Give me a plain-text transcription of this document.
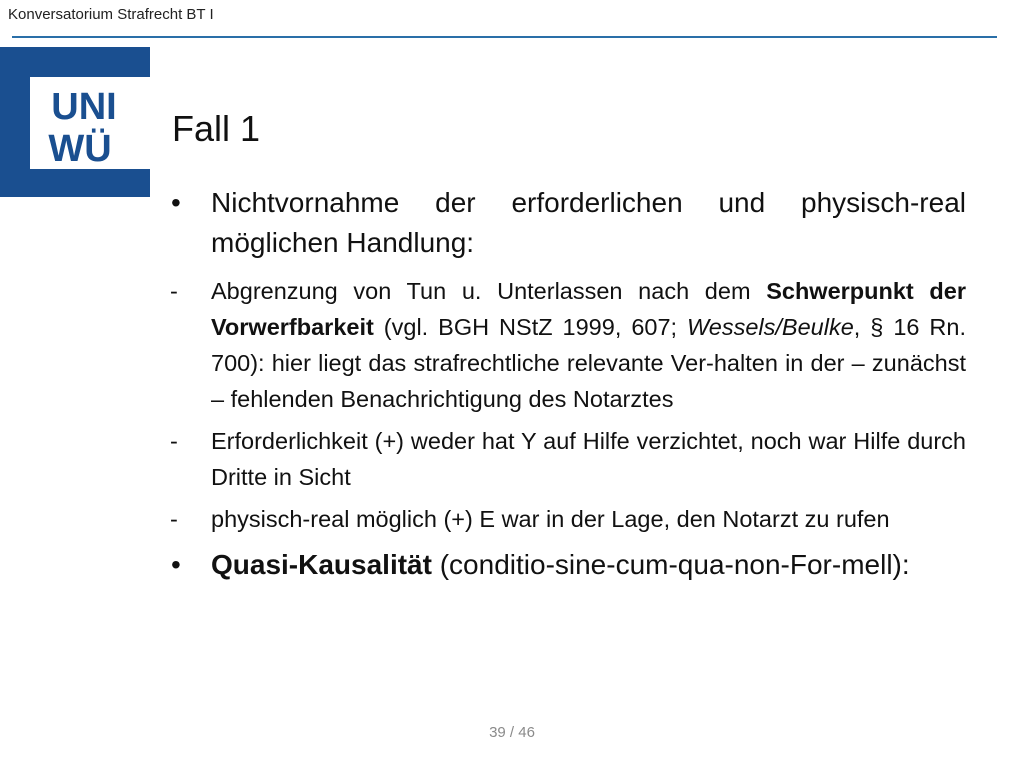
Konversatorium Strafrecht BT I
UNI
WÜ Fall 1
• Nichtvornahme der erforderlichen und physisch-real möglichen Handlung:
- Abgrenzung von Tun u. Unterlassen nach dem Schwerpunkt der Vorwerfbarkeit (vgl. BGH NStZ 1999, 607; Wessels/Beulke, § 16 Rn. 700): hier liegt das strafrechtliche relevante Ver-halten in der – zunächst – fehlenden Benachrichtigung des Notarztes
- Erforderlichkeit (+) weder hat Y auf Hilfe verzichtet, noch war Hilfe durch Dritte in Sicht
- physisch-real möglich (+) E war in der Lage, den Notarzt zu rufen
• Quasi-Kausalität (conditio-sine-cum-qua-non-For-mell):
39 / 46
